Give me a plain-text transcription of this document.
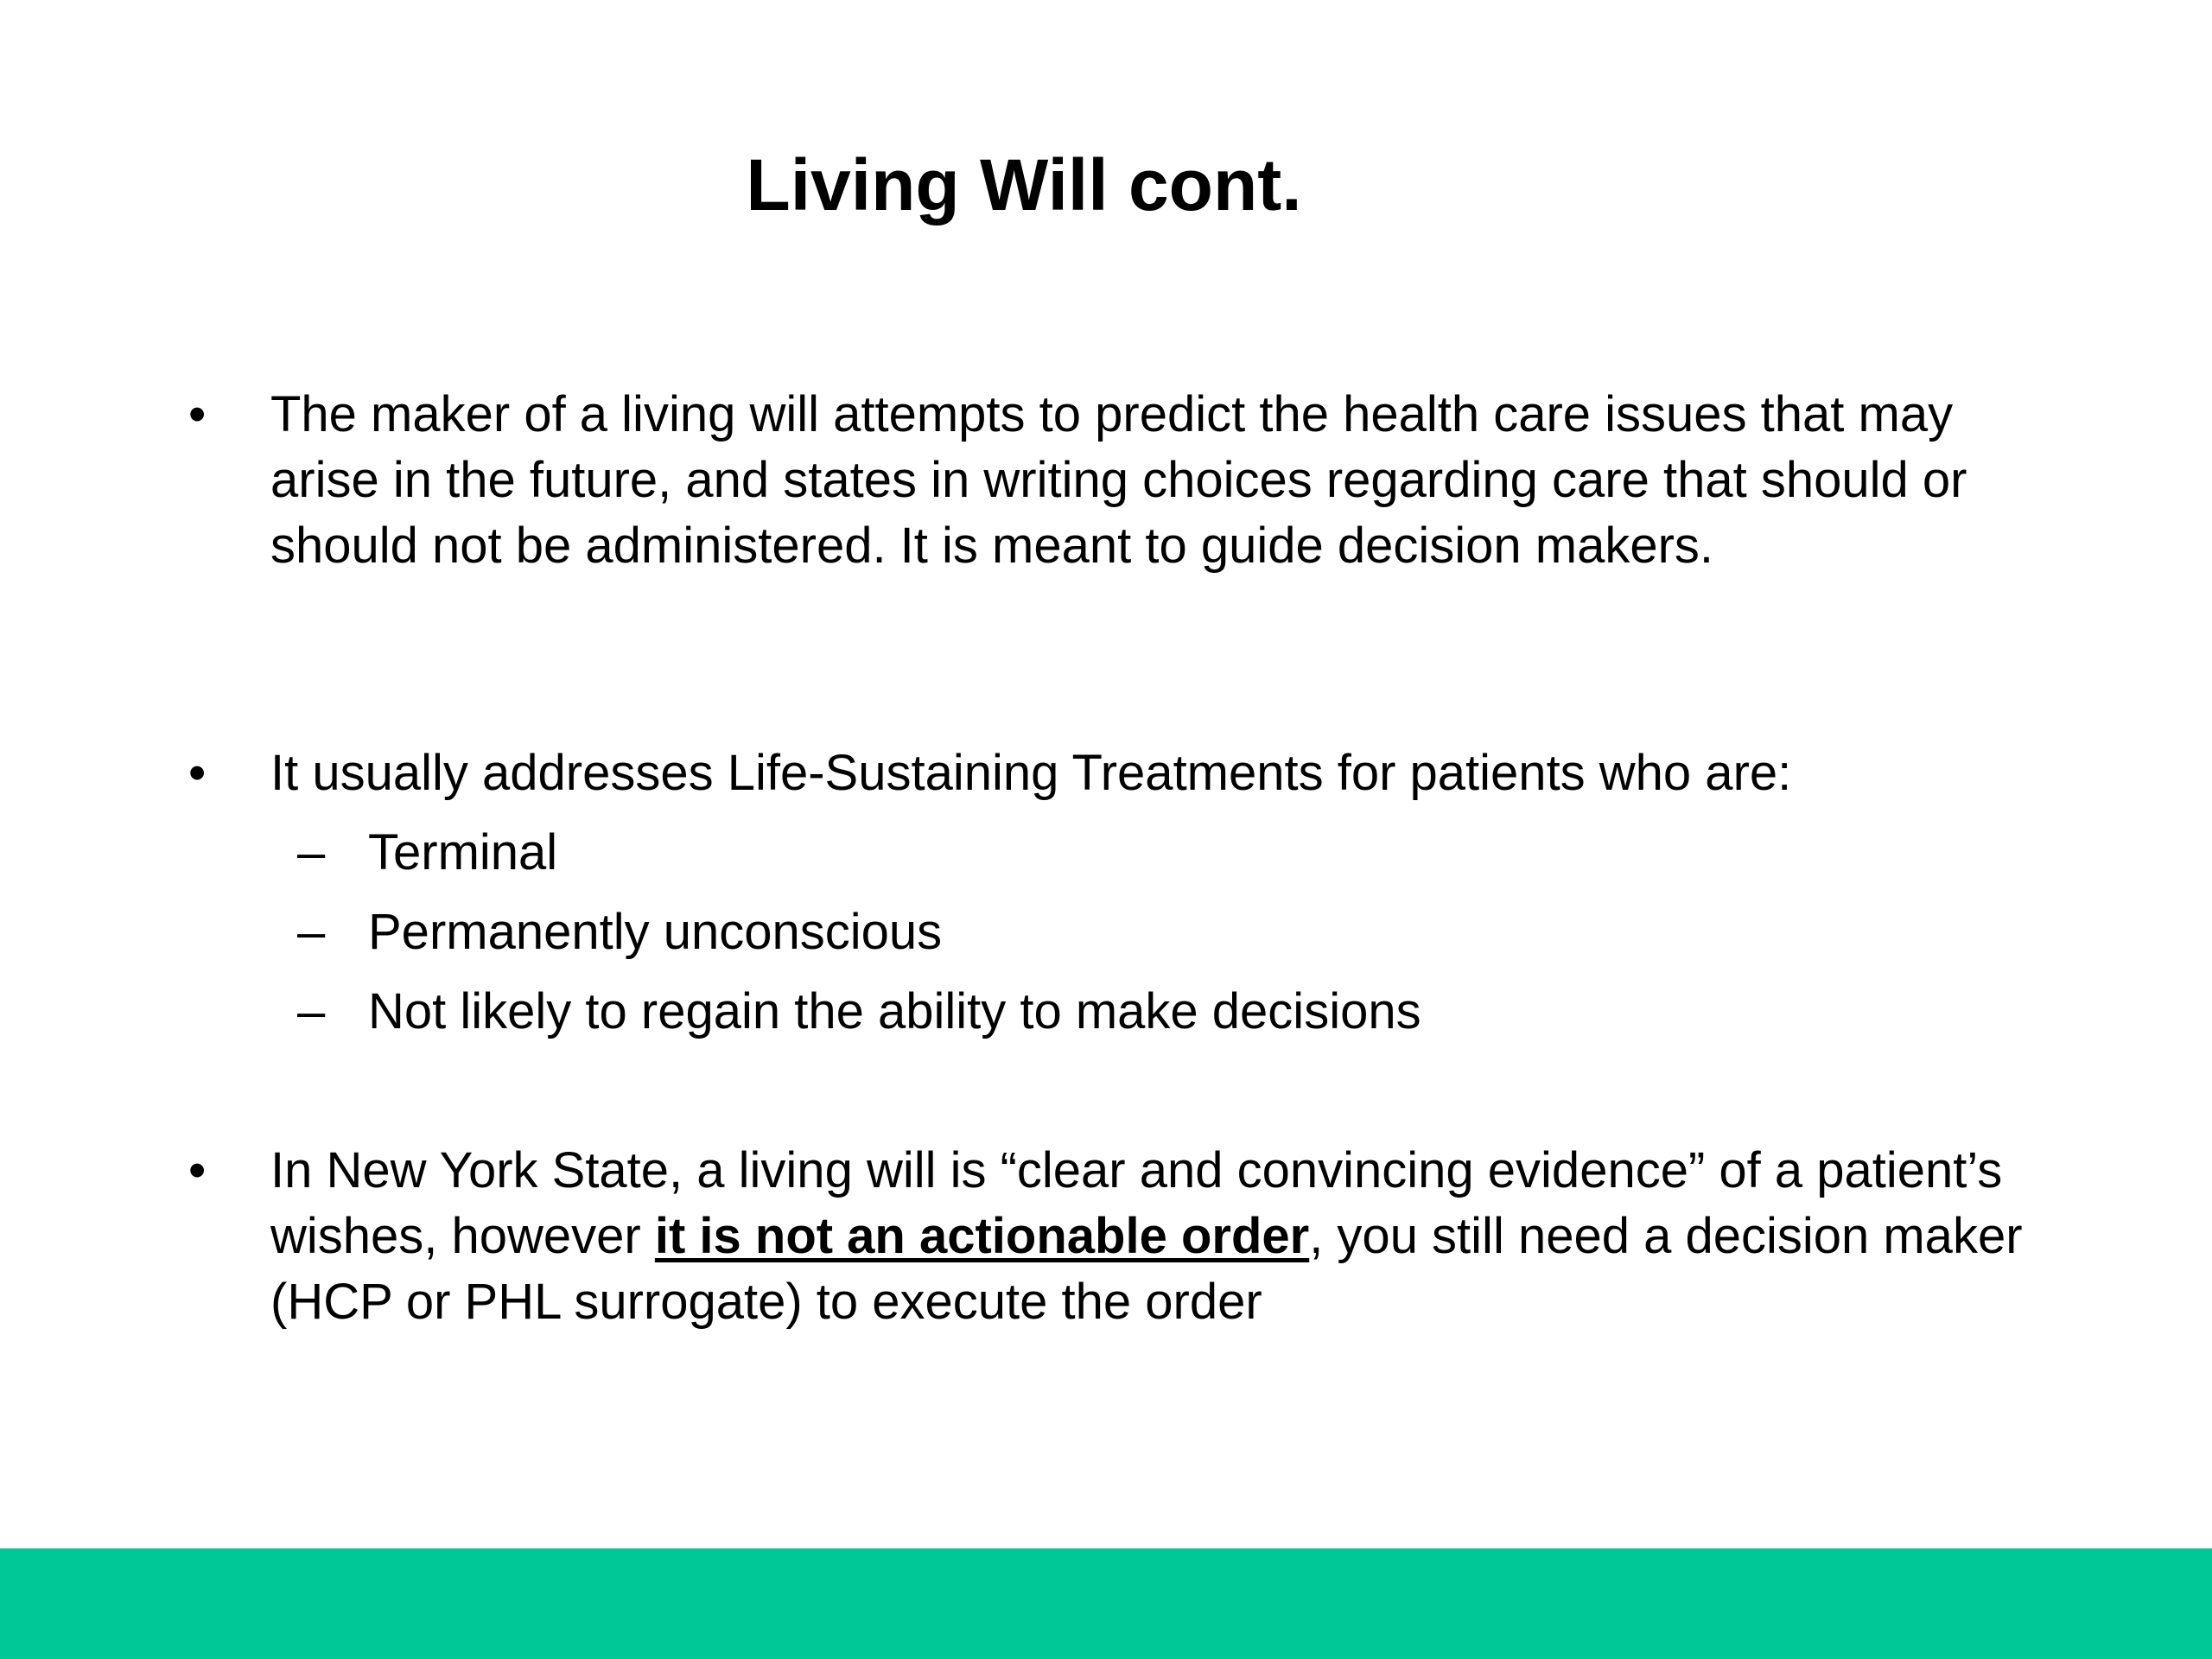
Living Will cont.
• The maker of a living will attempts to predict the health care issues that may arise in the future, and states in writing choices regarding care that should or should not be administered. It is meant to guide decision makers.

• It usually addresses Life-Sustaining Treatments for patients who are:

– Terminal
– Permanently unconscious
– Not likely to regain the ability to make decisions
• In New York State, a living will is “clear and convincing evidence” of a patient’s wishes, however it is not an actionable order, you still need a decision maker (HCP or PHL surrogate) to execute the order
